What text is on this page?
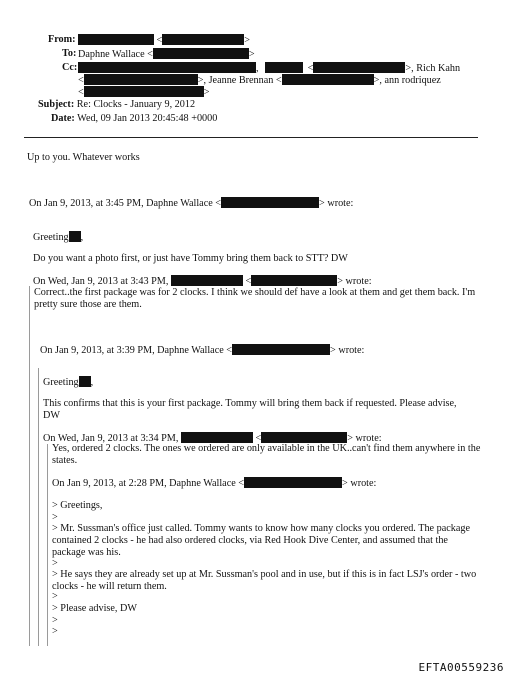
From:	<	>
To: Daphne Wallace <	>
Cc:	,	<	>, Rich Kahn
<	>, Jeanne Brennan <	>, ann rodriquez
<	>
Subject: Re: Clocks - January 9, 2012
Date: Wed, 09 Jan 2013 20:45:48 +0000
Up to you. Whatever works
On Jan 9, 2013, at 3:45 PM, Daphne Wallace <	> wrote:
Greeting ,
Do you want a photo first, or just have Tommy bring them back to STT? DW
On Wed, Jan 9, 2013 at 3:43 PM,	<	> wrote:
Correct..the first package was for 2 clocks. I think we should def have a look at them and get them back. I'm pretty sure those are them.
On Jan 9, 2013, at 3:39 PM, Daphne Wallace <	> wrote:
Greeting ,
This confirms that this is your first package. Tommy will bring them back if requested. Please advise, DW
On Wed, Jan 9, 2013 at 3:34 PM,	<	> wrote:
Yes, ordered 2 clocks. The ones we ordered are only available in the UK..can't find them anywhere in the states.
On Jan 9, 2013, at 2:28 PM, Daphne Wallace <	> wrote:
> Greetings,
>
> Mr. Sussman's office just called. Tommy wants to know how many clocks you ordered. The package contained 2 clocks - he had also ordered clocks, via Red Hook Dive Center, and assumed that the package was his.
>
> He says they are already set up at Mr. Sussman's pool and in use, but if this is in fact LSJ's order - two clocks - he will return them.
>
> Please advise, DW
>
>
EFTA00559236
